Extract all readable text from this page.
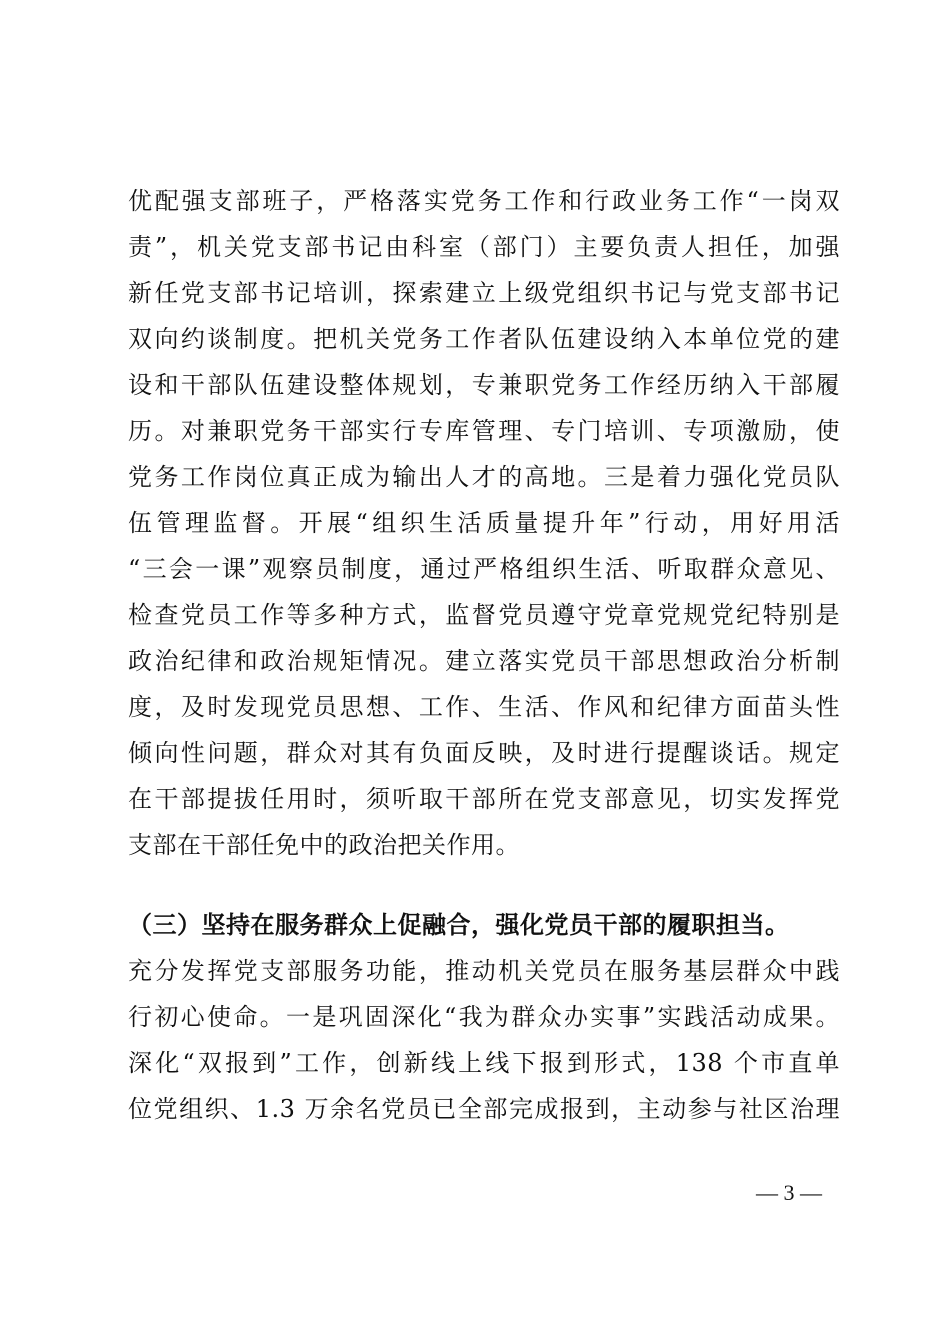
优配强支部班子，严格落实党务工作和行政业务工作“一岗双
责”，机关党支部书记由科室（部门）主要负责人担任，加强
新任党支部书记培训，探索建立上级党组织书记与党支部书记
双向约谈制度。把机关党务工作者队伍建设纳入本单位党的建
设和干部队伍建设整体规划，专兼职党务工作经历纳入干部履
历。对兼职党务干部实行专库管理、专门培训、专项激励，使
党务工作岗位真正成为输出人才的高地。三是着力强化党员队
伍管理监督。开展“组织生活质量提升年”行动，用好用活
“三会一课”观察员制度，通过严格组织生活、听取群众意见、
检查党员工作等多种方式，监督党员遵守党章党规党纪特别是
政治纪律和政治规矩情况。建立落实党员干部思想政治分析制
度，及时发现党员思想、工作、生活、作风和纪律方面苗头性
倾向性问题，群众对其有负面反映，及时进行提醒谈话。规定
在干部提拔任用时，须听取干部所在党支部意见，切实发挥党
支部在干部任免中的政治把关作用。
（三）坚持在服务群众上促融合，强化党员干部的履职担当。
充分发挥党支部服务功能，推动机关党员在服务基层群众中践
行初心使命。一是巩固深化“我为群众办实事”实践活动成果。
深化“双报到”工作，创新线上线下报到形式，138 个市直单
位党组织、1.3 万余名党员已全部完成报到，主动参与社区治理
— 3 —
